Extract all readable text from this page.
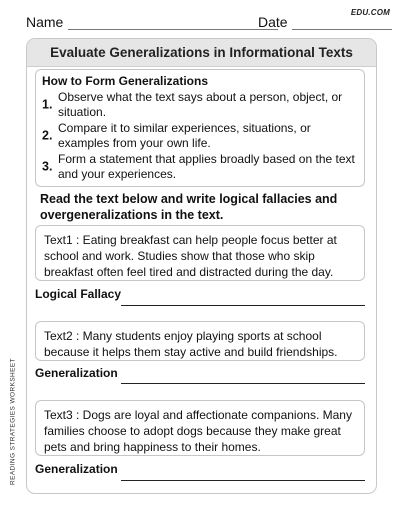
Name	Date
EDU.COM
Evaluate Generalizations in Informational Texts
How to Form Generalizations
1.
Observe what the text says about a person, object, or situation.
2.
Compare it to similar experiences, situations, or examples from your own life.
3.
Form a statement that applies broadly based on the text and your experiences.
Read the text below and write logical fallacies and overgeneralizations in the text.
Text1 : Eating breakfast can help people focus better at school and work. Studies show that those who skip breakfast often feel tired and distracted during the day.
Logical Fallacy
Text2 : Many students enjoy playing sports at school because it helps them stay active and build friendships.
Generalization
Text3 : Dogs are loyal and affectionate companions. Many families choose to adopt dogs because they make great pets and bring happiness to their homes.
Generalization
READING STRATEGIES WORKSHEET
